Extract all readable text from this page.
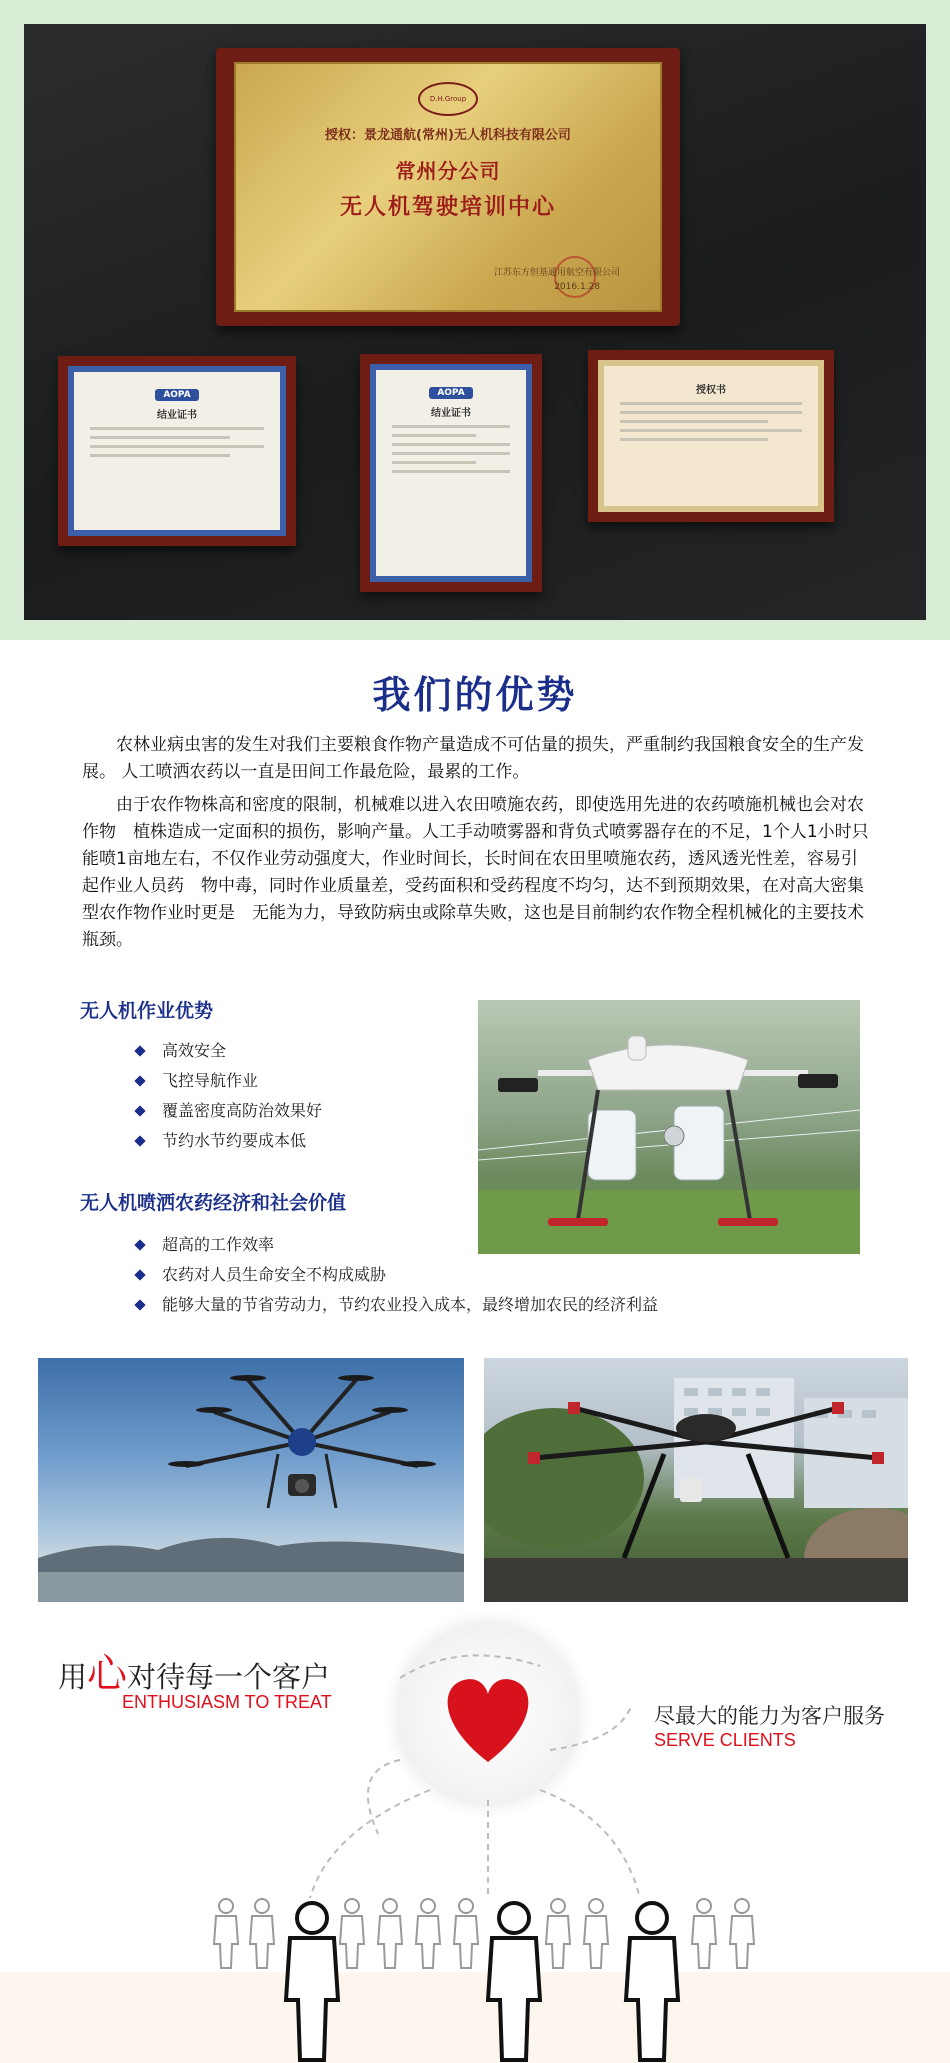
D.H.Group
授权：景龙通航(常州)无人机科技有限公司
常州分公司
无人机驾驶培训中心
江苏东方恒基通用航空有限公司
2016.1.28
AOPA
结业证书
AOPA
结业证书
授权书
我们的优势

农林业病虫害的发生对我们主要粮食作物产量造成不可估量的损失，严重制约我国粮食安全的生产发展。 人工喷洒农药以一直是田间工作最危险，最累的工作。

由于农作物株高和密度的限制，机械难以进入农田喷施农药，即使选用先进的农药喷施机械也会对农作物　植株造成一定面积的损伤，影响产量。人工手动喷雾器和背负式喷雾器存在的不足，1个人1小时只能喷1亩地左右，不仅作业劳动强度大，作业时间长，长时间在农田里喷施农药，透风透光性差，容易引起作业人员药　物中毒，同时作业质量差，受药面积和受药程度不均匀，达不到预期效果，在对高大密集型农作物作业时更是　无能为力，导致防病虫或除草失败，这也是目前制约农作物全程机械化的主要技术瓶颈。

无人机作业优势
高效安全
飞控导航作业
覆盖密度高防治效果好
节约水节约要成本低
无人机喷洒农药经济和社会价值
超高的工作效率
农药对人员生命安全不构成威胁
能够大量的节省劳动力，节约农业投入成本，最终增加农民的经济利益
用心对待每一个客户
ENTHUSIASM TO TREAT
尽最大的能力为客户服务
SERVE CLIENTS
